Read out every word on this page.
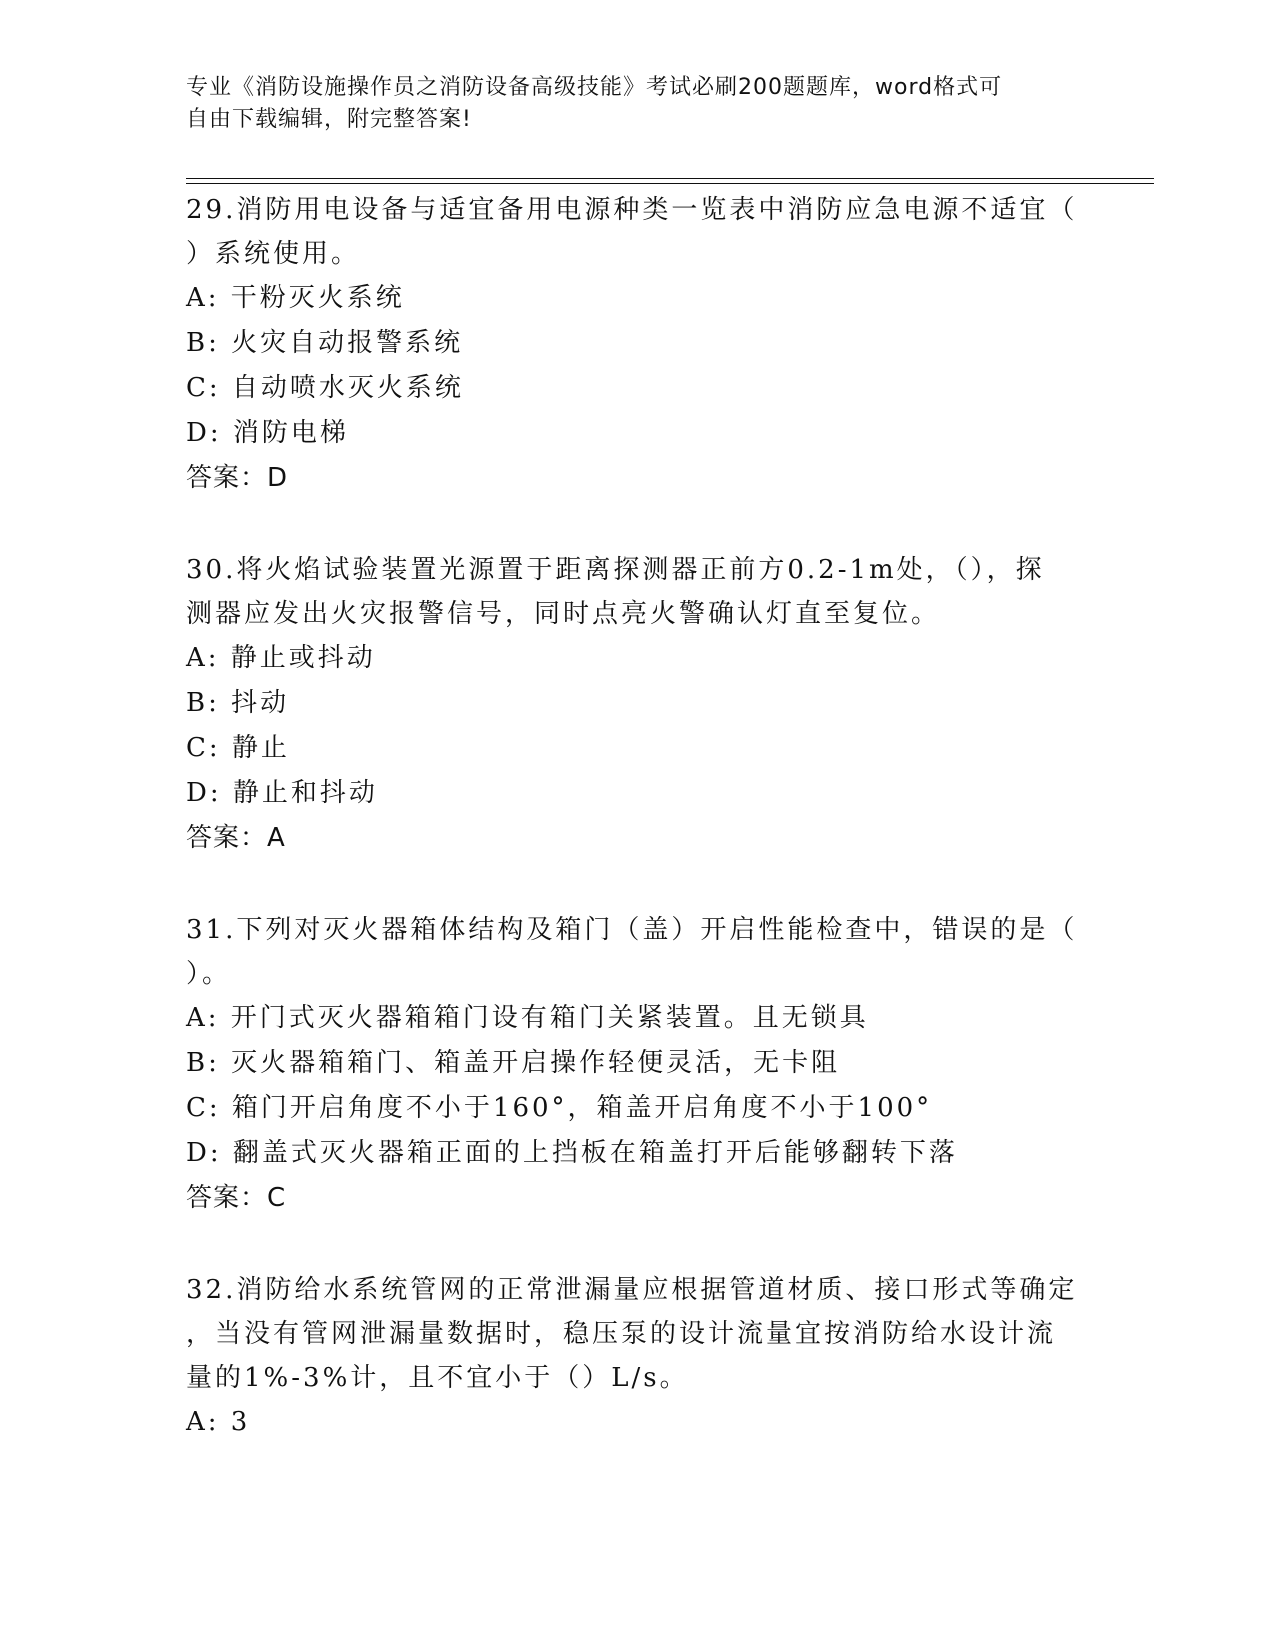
专业《消防设施操作员之消防设备高级技能》考试必刷200题题库，word格式可
自由下载编辑，附完整答案!
29.消防用电设备与适宜备用电源种类一览表中消防应急电源不适宜（
）系统使用。
A: 干粉灭火系统
B: 火灾自动报警系统
C: 自动喷水灭火系统
D: 消防电梯
答案：D
30.将火焰试验装置光源置于距离探测器正前方0.2-1m处，（），探
测器应发出火灾报警信号，同时点亮火警确认灯直至复位。
A: 静止或抖动
B: 抖动
C: 静止
D: 静止和抖动
答案：A
31.下列对灭火器箱体结构及箱门（盖）开启性能检查中，错误的是（
）。
A: 开门式灭火器箱箱门设有箱门关紧装置。且无锁具
B: 灭火器箱箱门、箱盖开启操作轻便灵活，无卡阻
C: 箱门开启角度不小于160°，箱盖开启角度不小于100°
D: 翻盖式灭火器箱正面的上挡板在箱盖打开后能够翻转下落
答案：C
32.消防给水系统管网的正常泄漏量应根据管道材质、接口形式等确定
，当没有管网泄漏量数据时，稳压泵的设计流量宜按消防给水设计流
量的1%-3%计，且不宜小于（）L/s。
A: 3
